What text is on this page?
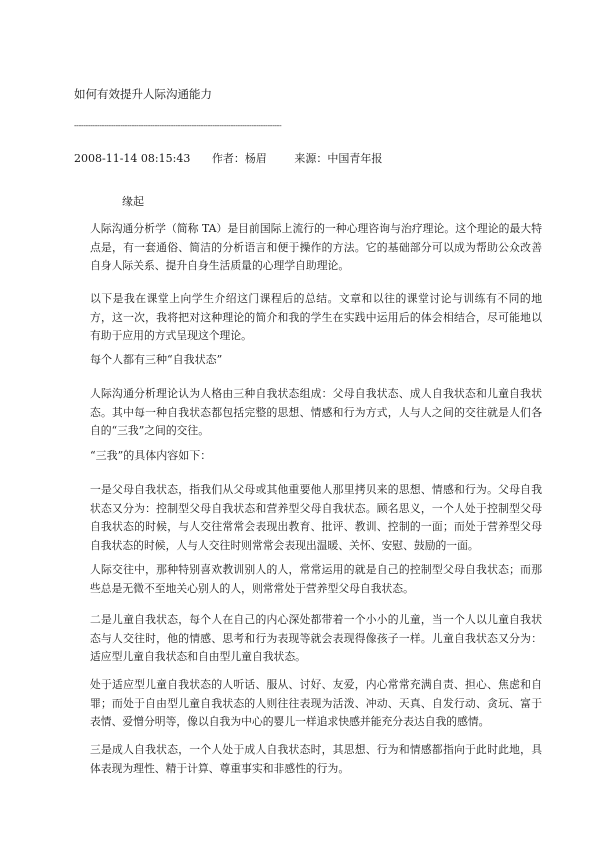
如何有效提升人际沟通能力
------------------------------------------------------------------------------------------
2008-11-14 08:15:43 作者：杨眉	来源：中国青年报
缘起
人际沟通分析学（简称 TA）是目前国际上流行的一种心理咨询与治疗理论。这个理论的最大特点是，有一套通俗、简洁的分析语言和便于操作的方法。它的基础部分可以成为帮助公众改善自身人际关系、提升自身生活质量的心理学自助理论。
以下是我在课堂上向学生介绍这门课程后的总结。文章和以往的课堂讨论与训练有不同的地方，这一次，我将把对这种理论的简介和我的学生在实践中运用后的体会相结合，尽可能地以有助于应用的方式呈现这个理论。
每个人都有三种“自我状态”
人际沟通分析理论认为人格由三种自我状态组成：父母自我状态、成人自我状态和儿童自我状态。其中每一种自我状态都包括完整的思想、情感和行为方式，人与人之间的交往就是人们各自的“三我”之间的交往。
“三我”的具体内容如下：
一是父母自我状态，指我们从父母或其他重要他人那里拷贝来的思想、情感和行为。父母自我状态又分为：控制型父母自我状态和营养型父母自我状态。顾名思义，一个人处于控制型父母自我状态的时候，与人交往常常会表现出教育、批评、教训、控制的一面；而处于营养型父母自我状态的时候，人与人交往时则常常会表现出温暖、关怀、安慰、鼓励的一面。
人际交往中，那种特别喜欢教训别人的人，常常运用的就是自己的控制型父母自我状态；而那些总是无微不至地关心别人的人，则常常处于营养型父母自我状态。
二是儿童自我状态，每个人在自己的内心深处都带着一个小小的儿童，当一个人以儿童自我状态与人交往时，他的情感、思考和行为表现等就会表现得像孩子一样。儿童自我状态又分为：适应型儿童自我状态和自由型儿童自我状态。
处于适应型儿童自我状态的人听话、服从、讨好、友爱，内心常常充满自责、担心、焦虑和自罪；而处于自由型儿童自我状态的人则往往表现为活泼、冲动、天真、自发行动、贪玩、富于表情、爱憎分明等，像以自我为中心的婴儿一样追求快感并能充分表达自我的感情。
三是成人自我状态，一个人处于成人自我状态时，其思想、行为和情感都指向于此时此地，具体表现为理性、精于计算、尊重事实和非感性的行为。
